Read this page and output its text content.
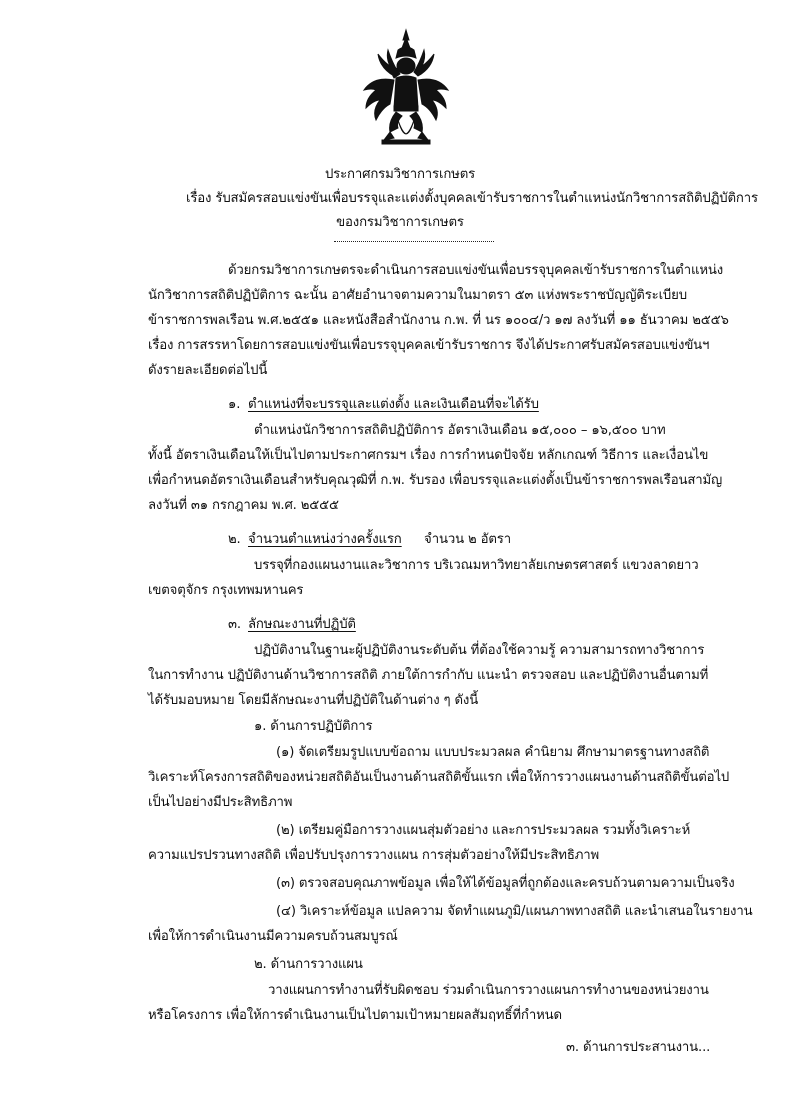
ประกาศกรมวิชาการเกษตร
เรื่อง รับสมัครสอบแข่งขันเพื่อบรรจุและแต่งตั้งบุคคลเข้ารับราชการในตำแหน่งนักวิชาการสถิติปฏิบัติการ
ของกรมวิชาการเกษตร
ด้วยกรมวิชาการเกษตรจะดำเนินการสอบแข่งขันเพื่อบรรจุบุคคลเข้ารับราชการในตำแหน่ง
นักวิชาการสถิติปฏิบัติการ ฉะนั้น อาศัยอำนาจตามความในมาตรา ๕๓ แห่งพระราชบัญญัติระเบียบ
ข้าราชการพลเรือน พ.ศ.๒๕๕๑ และหนังสือสำนักงาน ก.พ. ที่ นร ๑๐๐๔/ว ๑๗ ลงวันที่ ๑๑ ธันวาคม ๒๕๕๖
เรื่อง การสรรหาโดยการสอบแข่งขันเพื่อบรรจุบุคคลเข้ารับราชการ จึงได้ประกาศรับสมัครสอบแข่งขันฯ
ดังรายละเอียดต่อไปนี้
๑. ตำแหน่งที่จะบรรจุและแต่งตั้ง และเงินเดือนที่จะได้รับ
ตำแหน่งนักวิชาการสถิติปฏิบัติการ อัตราเงินเดือน ๑๕,๐๐๐ – ๑๖,๕๐๐ บาท
ทั้งนี้ อัตราเงินเดือนให้เป็นไปตามประกาศกรมฯ เรื่อง การกำหนดปัจจัย หลักเกณฑ์ วิธีการ และเงื่อนไข
เพื่อกำหนดอัตราเงินเดือนสำหรับคุณวุฒิที่ ก.พ. รับรอง เพื่อบรรจุและแต่งตั้งเป็นข้าราชการพลเรือนสามัญ
ลงวันที่ ๓๑ กรกฎาคม พ.ศ. ๒๕๕๕
๒. จำนวนตำแหน่งว่างครั้งแรก จำนวน ๒ อัตรา
บรรจุที่กองแผนงานและวิชาการ บริเวณมหาวิทยาลัยเกษตรศาสตร์ แขวงลาดยาว
เขตจตุจักร กรุงเทพมหานคร
๓. ลักษณะงานที่ปฏิบัติ
ปฏิบัติงานในฐานะผู้ปฏิบัติงานระดับต้น ที่ต้องใช้ความรู้ ความสามารถทางวิชาการ
ในการทำงาน ปฏิบัติงานด้านวิชาการสถิติ ภายใต้การกำกับ แนะนำ ตรวจสอบ และปฏิบัติงานอื่นตามที่
ได้รับมอบหมาย โดยมีลักษณะงานที่ปฏิบัติในด้านต่าง ๆ ดังนี้
๑. ด้านการปฏิบัติการ
(๑) จัดเตรียมรูปแบบข้อถาม แบบประมวลผล คำนิยาม ศึกษามาตรฐานทางสถิติ
วิเคราะห์โครงการสถิติของหน่วยสถิติอันเป็นงานด้านสถิติขั้นแรก เพื่อให้การวางแผนงานด้านสถิติขั้นต่อไป
เป็นไปอย่างมีประสิทธิภาพ
(๒) เตรียมคู่มือการวางแผนสุ่มตัวอย่าง และการประมวลผล รวมทั้งวิเคราะห์
ความแปรปรวนทางสถิติ เพื่อปรับปรุงการวางแผน การสุ่มตัวอย่างให้มีประสิทธิภาพ
(๓) ตรวจสอบคุณภาพข้อมูล เพื่อให้ได้ข้อมูลที่ถูกต้องและครบถ้วนตามความเป็นจริง
(๔) วิเคราะห์ข้อมูล แปลความ จัดทำแผนภูมิ/แผนภาพทางสถิติ และนำเสนอในรายงาน
เพื่อให้การดำเนินงานมีความครบถ้วนสมบูรณ์
๒. ด้านการวางแผน
วางแผนการทำงานที่รับผิดชอบ ร่วมดำเนินการวางแผนการทำงานของหน่วยงาน
หรือโครงการ เพื่อให้การดำเนินงานเป็นไปตามเป้าหมายผลสัมฤทธิ์ที่กำหนด
๓. ด้านการประสานงาน...
